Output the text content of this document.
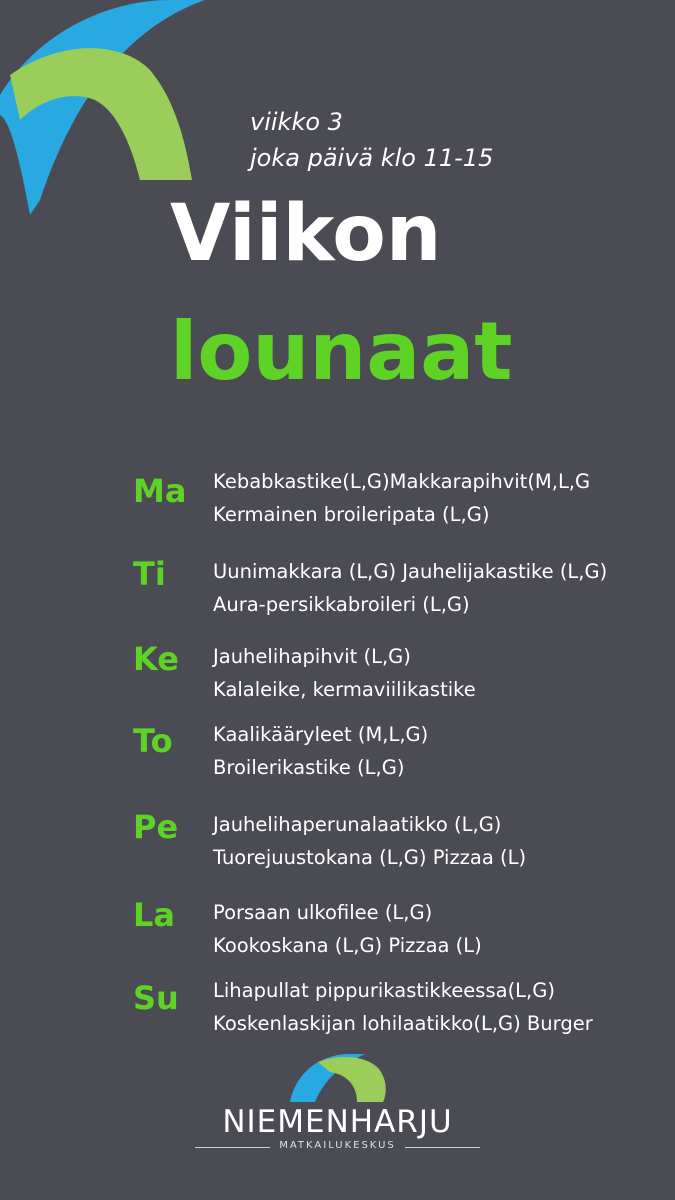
viikko 3
joka päivä klo 11-15
Viikon
lounaat
Ma Kebabkastike(L,G)Makkarapihvit(M,L,G
Kermainen broileripata (L,G)
Ti Uunimakkara (L,G) Jauhelijakastike (L,G)
Aura-persikkabroileri (L,G)
Ke Jauhelihapihvit (L,G)
Kalaleike, kermaviilikastike
To Kaalikääryleet (M,L,G)
Broilerikastike (L,G)
Pe Jauhelihaperunalaatikko (L,G)
Tuorejuustokana (L,G) Pizzaa (L)
La Porsaan ulkofilee (L,G)
Kookoskana (L,G) Pizzaa (L)
Su Lihapullat pippurikastikkeessa(L,G)
Koskenlaskijan lohilaatikko(L,G) Burger
NIEMENHARJU
MATKAILUKESKUS
